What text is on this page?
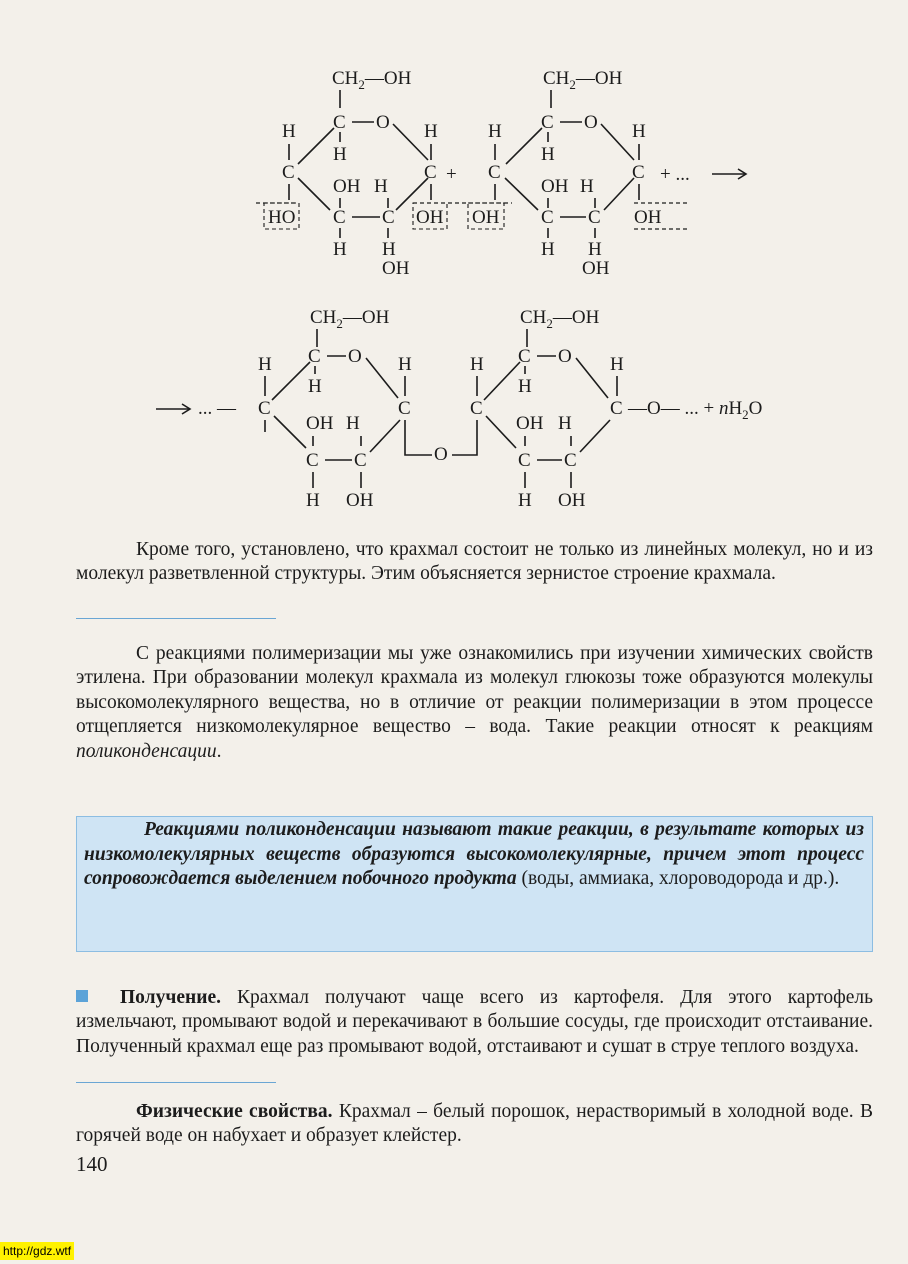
$CH_2—OH$
C O
H
H
C
OH H
HO C C
H H
OH
H
C
OH
+
$CH_2—OH$
C O
H
H
C
OH H
OH C C
H H
OH
H
C
OH
+ ...
... —
$CH_2—OH$
C O
H
H
C
OH H
C C
H OH
H
C
O
$CH_2—OH$
C O
H
H
C
OH H
C C
H OH
H
C —O— ... + $nH_2O$

Кроме того, установлено, что крахмал состоит не только из линейных молекул, но и из молекул разветвленной структуры. Этим объясняется зернистое строение крахмала.

С реакциями полимеризации мы уже ознакомились при изучении химических свойств этилена. При образовании молекул крахмала из молекул глюкозы тоже образуются молекулы высокомолекулярного вещества, но в отличие от реакции полимеризации в этом процессе отщепляется низкомолекулярное вещество – вода. Такие реакции относят к реакциям поликонденсации.

Реакциями поликонденсации называют такие реакции, в результате которых из низкомолекулярных веществ образуются высокомолекулярные, причем этот процесс сопровождается выделением побочного продукта (воды, аммиака, хлороводорода и др.).

Получение. Крахмал получают чаще всего из картофеля. Для этого картофель измельчают, промывают водой и перекачивают в большие сосуды, где происходит отстаивание. Полученный крахмал еще раз промывают водой, отстаивают и сушат в струе теплого воздуха.

Физические свойства. Крахмал – белый порошок, нерастворимый в холодной воде. В горячей воде он набухает и образует клейстер.

140
http://gdz.wtf
